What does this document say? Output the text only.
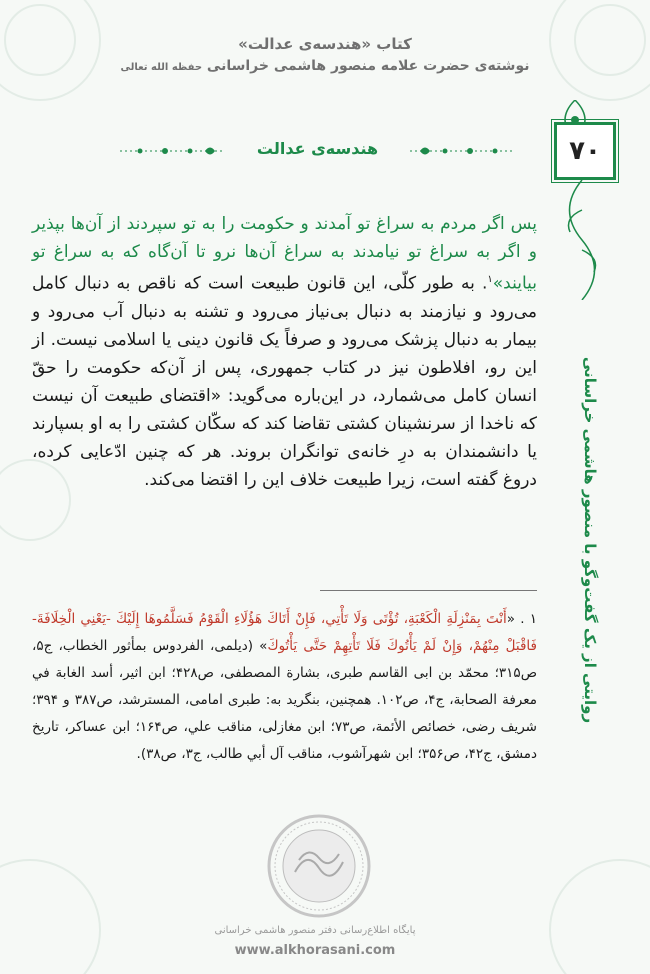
کتاب «هندسه‌ی عدالت»
نوشته‌ی حضرت علامه منصور هاشمی خراسانی حفظه الله تعالی
هندسه‌ی عدالت	۷۰
روایتی از یک گفت‌وگو با منصور هاشمی خراسانی
پس اگر مردم به سراغ تو آمدند و حکومت را به تو سپردند از آن‌ها بپذیر و اگر به سراغ تو نیامدند به سراغ آن‌ها نرو تا آن‌گاه که به سراغ تو بیایند»$^۱$. به طور کلّی، این قانون طبیعت است که ناقص به دنبال کامل می‌رود و نیازمند به دنبال بی‌نیاز می‌رود و تشنه به دنبال آب می‌رود و بیمار به دنبال پزشک می‌رود و صرفاً یک قانون دینی یا اسلامی نیست. از این رو، افلاطون نیز در کتاب جمهوری، پس از آن‌که حکومت را حقّ انسان کامل می‌شمارد، در این‌باره می‌گوید: «اقتضای طبیعت آن نیست که ناخدا از سرنشینان کشتی تقاضا کند که سکّان کشتی را به او بسپارند یا دانشمندان به درِ خانه‌ی توانگران بروند. هر که چنین ادّعایی کرده، دروغ گفته است، زیرا طبیعت خلاف این را اقتضا می‌کند.
۱ . «أَنْتَ بِمَنْزِلَةِ الْكَعْبَةِ، تُؤْتَى وَلَا تَأْتِي، فَإِنْ أَتَاكَ هَؤُلَاءِ الْقَوْمُ فَسَلَّمُوهَا إِلَيْكَ -يَعْنِي الْخِلَافَةَ- فَاقْبَلْ مِنْهُمْ، وَإِنْ لَمْ يَأْتُوكَ فَلَا تَأْتِهِمْ حَتَّى يَأْتُوكَ» (دیلمی، الفردوس بمأثور الخطاب، ج۵، ص۳۱۵؛ محمّد بن ابی القاسم طبری، بشارة المصطفی، ص۴۲۸؛ ابن اثیر، أسد الغابة في معرفة الصحابة، ج۴، ص۱۰۲. همچنین، بنگرید به: طبری امامی، المسترشد، ص۳۸۷ و ۳۹۴؛ شریف رضی، خصائص الأئمة، ص۷۳؛ ابن مغازلی، مناقب علي، ص۱۶۴؛ ابن عساکر، تاریخ دمشق، ج۴۲، ص۳۵۶؛ ابن شهرآشوب، مناقب آل أبي طالب، ج۳، ص۳۸).
پایگاه اطلاع‌رسانی دفتر منصور هاشمی خراسانی
www.alkhorasani.com
